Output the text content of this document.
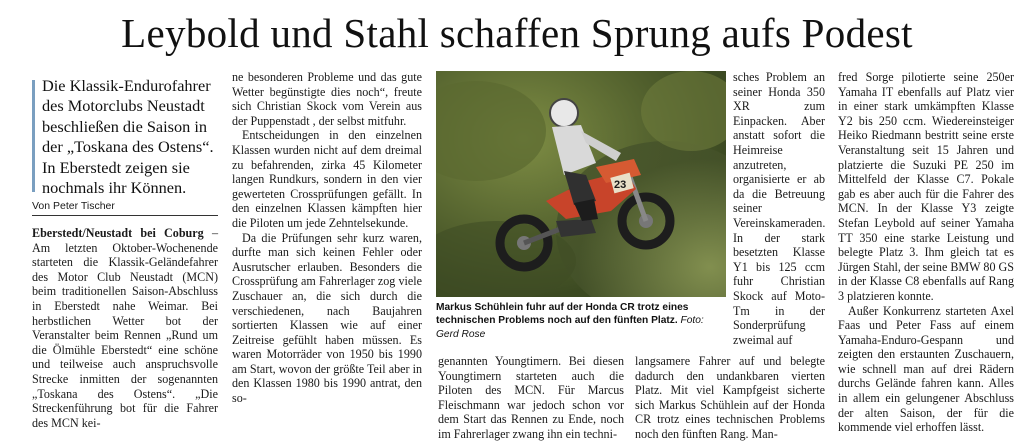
Leybold und Stahl schaffen Sprung aufs Podest
Die Klassik-Endurofahrer des Motorclubs Neustadt beschließen die Saison in der „Toskana des Ostens“. In Eberstedt zeigen sie nochmals ihr Können.
Von Peter Tischer

Eberstedt/Neustadt bei Coburg – Am letzten Oktober-Wochenende starteten die Klassik-Geländefahrer des Motor Club Neustadt (MCN) beim traditionellen Saison-Abschluss in Eberstedt nahe Weimar. Bei herbstlichen Wetter bot der Veranstalter beim Rennen „Rund um die Ölmühle Eberstedt“ eine schöne und teilweise auch anspruchsvolle Strecke inmitten der sogenannten „Toskana des Ostens“. „Die Streckenführung bot für die Fahrer des MCN kei-

ne besonderen Probleme und das gute Wetter begünstigte dies noch“, freute sich Christian Skock vom Verein aus der Puppenstadt , der selbst mitfuhr.

Entscheidungen in den einzelnen Klassen wurden nicht auf dem dreimal zu befahrenden, zirka 45 Kilometer langen Rundkurs, sondern in den vier gewerteten Crossprüfungen gefällt. In den einzelnen Klassen kämpften hier die Piloten um jede Zehntelsekunde.

Da die Prüfungen sehr kurz waren, durfte man sich keinen Fehler oder Ausrutscher erlauben. Besonders die Crossprüfung am Fahrerlager zog viele Zuschauer an, die sich durch die verschiedenen, nach Baujahren sortierten Klassen wie auf einer Zeitreise gefühlt haben müssen. Es waren Motorräder von 1950 bis 1990 am Start, wovon der größte Teil aber in den Klassen 1980 bis 1990 antrat, den so-

23
Markus Schühlein fuhr auf der Honda CR trotz eines technischen Problems noch auf den fünften Platz. Foto: Gerd Rose

sches Problem an seiner Honda 350 XR zum Einpacken. Aber anstatt sofort die Heimreise anzutreten, organisierte er ab da die Betreuung seiner Vereinskameraden. In der stark besetzten Klasse Y1 bis 125 ccm fuhr Christian Skock auf Moto-Tm in der Sonderprüfung zweimal auf

genannten Youngtimern. Bei diesen Youngtimern starteten auch die Piloten des MCN. Für Marcus Fleischmann war jedoch schon vor dem Start das Rennen zu Ende, noch im Fahrerlager zwang ihn ein techni-

langsamere Fahrer auf und belegte dadurch den undankbaren vierten Platz. Mit viel Kampfgeist sicherte sich Markus Schühlein auf der Honda CR trotz eines technischen Problems noch den fünften Rang. Man-

fred Sorge pilotierte seine 250er Yamaha IT ebenfalls auf Platz vier in einer stark umkämpften Klasse Y2 bis 250 ccm. Wiedereinsteiger Heiko Riedmann bestritt seine erste Veranstaltung seit 15 Jahren und platzierte die Suzuki PE 250 im Mittelfeld der Klasse C7. Pokale gab es aber auch für die Fahrer des MCN. In der Klasse Y3 zeigte Stefan Leybold auf seiner Yamaha TT 350 eine starke Leistung und belegte Platz 3. Ihm gleich tat es Jürgen Stahl, der seine BMW 80 GS in der Klasse C8 ebenfalls auf Rang 3 platzieren konnte.

Außer Konkurrenz starteten Axel Faas und Peter Fass auf einem Yamaha-Enduro-Gespann und zeigten den erstaunten Zuschauern, wie schnell man auf drei Rädern durchs Gelände fahren kann. Alles in allem ein gelungener Abschluss der alten Saison, der für die kommende viel erhoffen lässt.
